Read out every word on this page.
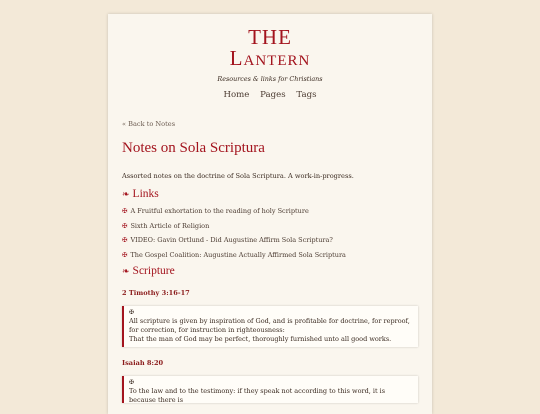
THE
Lantern
Resources & links for Christians
Home Pages Tags
« Back to Notes
Notes on Sola Scriptura
Assorted notes on the doctrine of Sola Scriptura. A work-in-progress.
❧ Links
✠ A Fruitful exhortation to the reading of holy Scripture
✠ Sixth Article of Religion
✠ VIDEO: Gavin Ortlund - Did Augustine Affirm Sola Scriptura?
✠ The Gospel Coalition: Augustine Actually Affirmed Sola Scriptura
❧ Scripture
2 Timothy 3:16-17
✠
All scripture is given by inspiration of God, and is profitable for doctrine, for reproof, for correction, for instruction in righteousness:
That the man of God may be perfect, thoroughly furnished unto all good works.
Isaiah 8:20
✠
To the law and to the testimony: if they speak not according to this word, it is because there is
